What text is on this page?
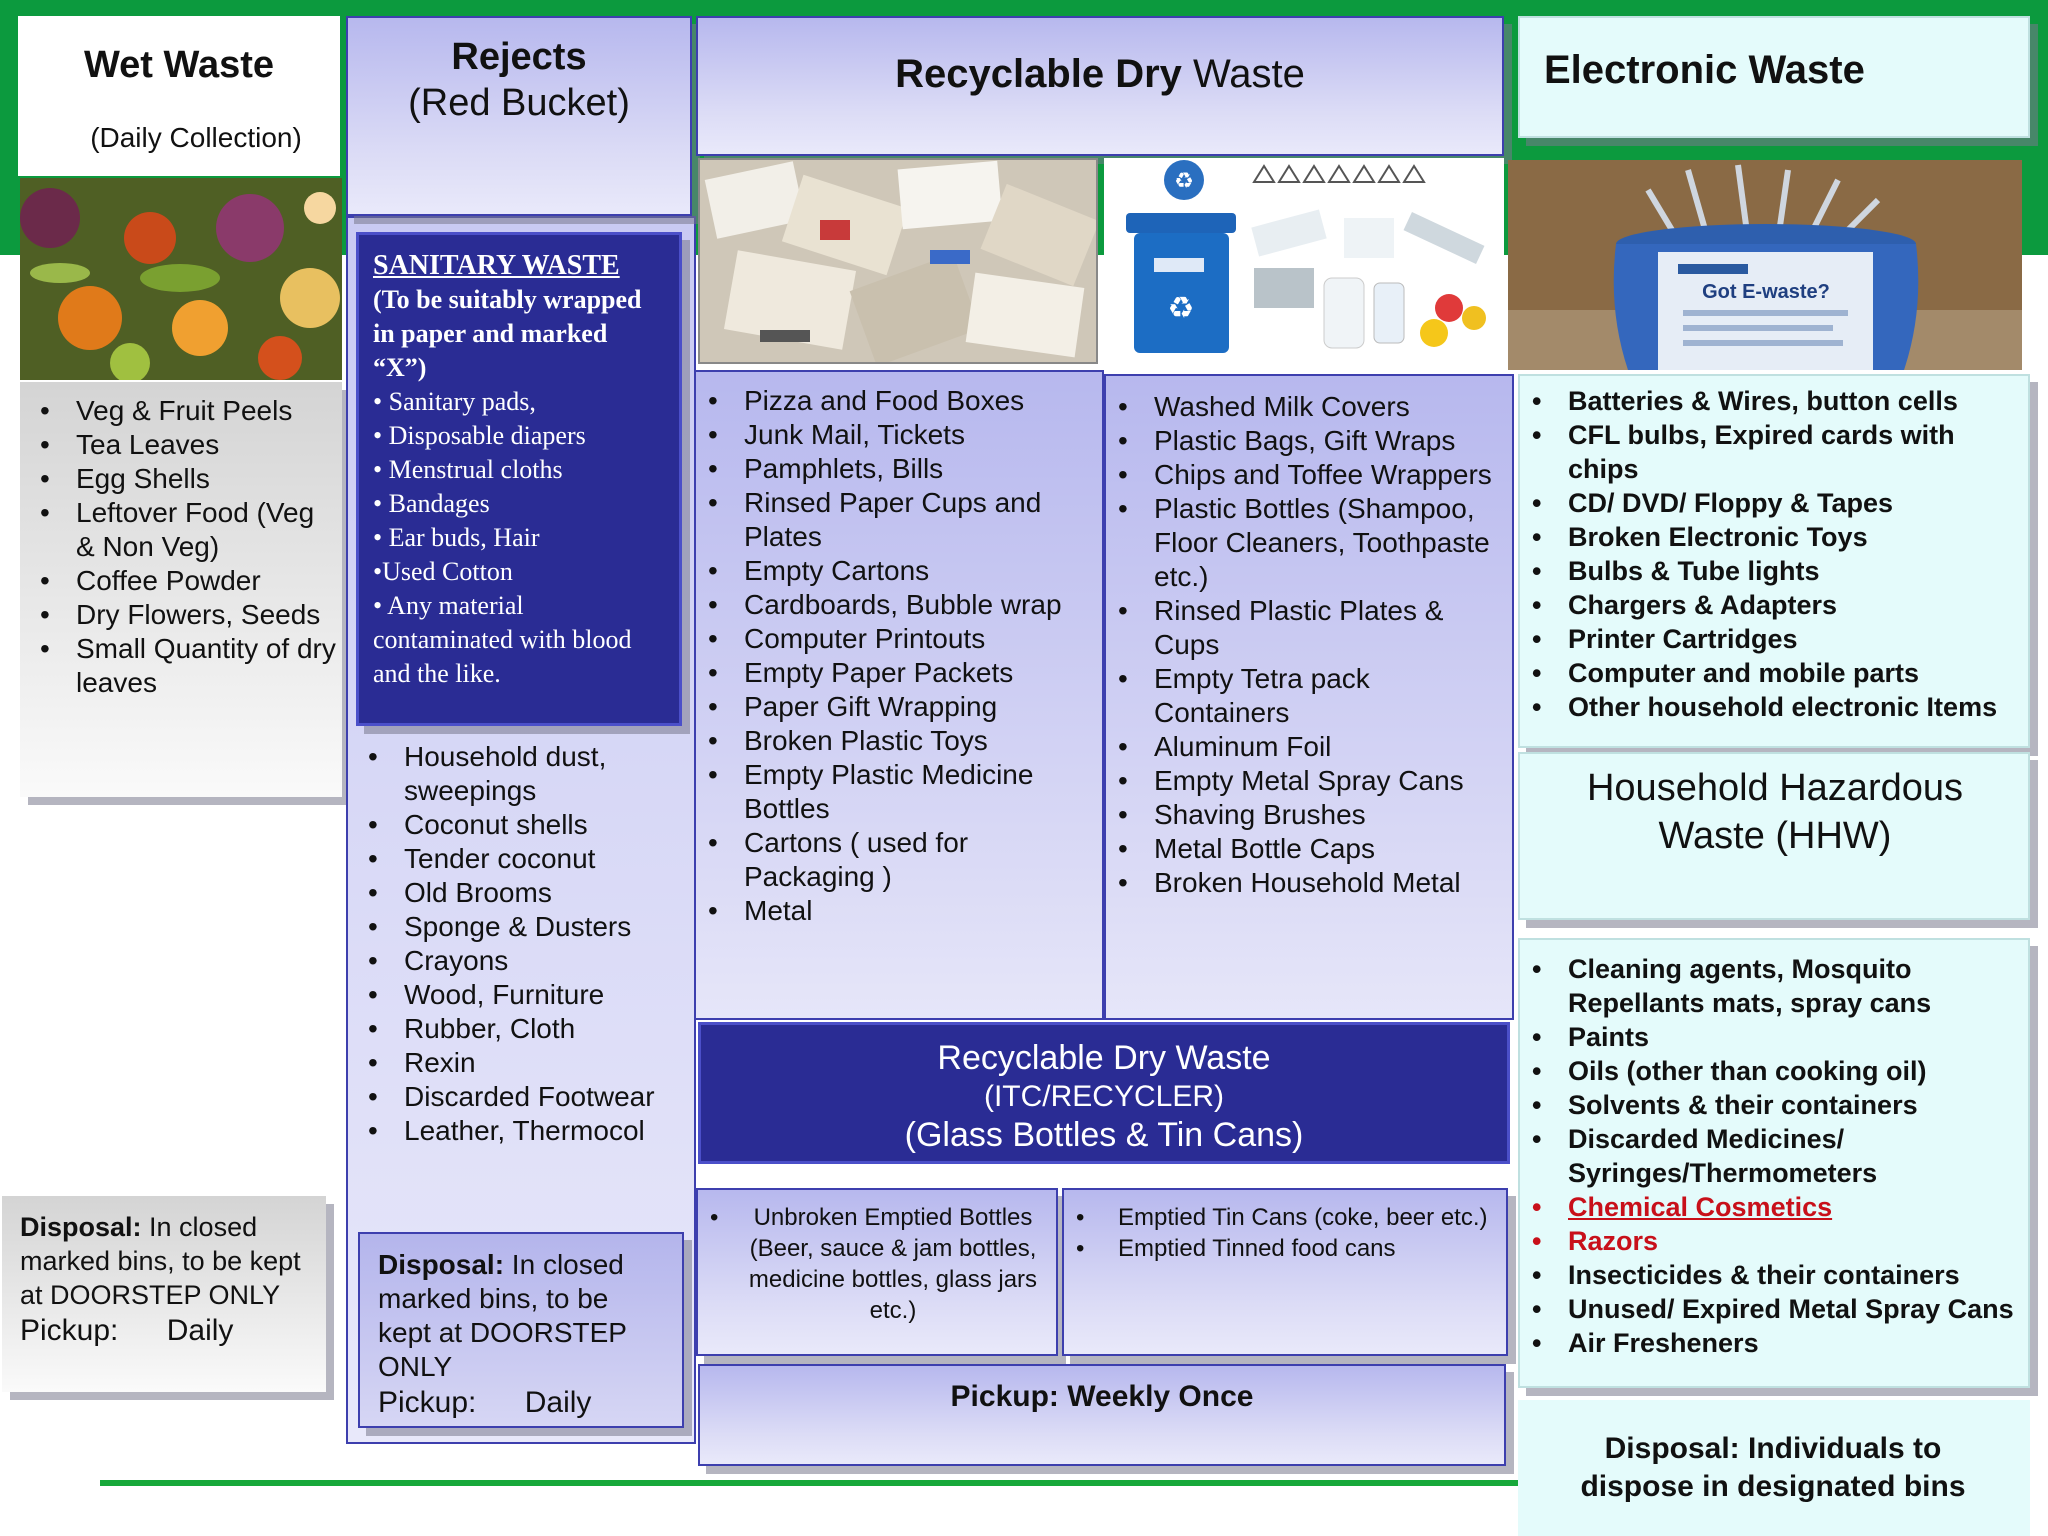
Wet Waste
(Daily Collection)
• Veg & Fruit Peels
• Tea Leaves
• Egg Shells
• Leftover Food (Veg & Non Veg)
• Coffee Powder
• Dry Flowers, Seeds
• Small Quantity of dry leaves
Disposal: In closed marked bins, to be kept at DOORSTEP ONLY
Pickup: Daily
Rejects
(Red Bucket)
SANITARY WASTE
(To be suitably wrapped in paper and marked “X”)
• Sanitary pads,
• Disposable diapers
• Menstrual cloths
• Bandages
• Ear buds, Hair
•Used Cotton
• Any material contaminated with blood and the like.
• Household dust, sweepings
• Coconut shells
• Tender coconut
• Old Brooms
• Sponge & Dusters
• Crayons
• Wood, Furniture
• Rubber, Cloth
• Rexin
• Discarded Footwear
• Leather, Thermocol
Disposal: In closed marked bins, to be kept at DOORSTEP ONLY
Pickup: Daily
Recyclable Dry Waste
♻
♻
• Pizza and Food Boxes
• Junk Mail, Tickets
• Pamphlets, Bills
• Rinsed Paper Cups and Plates
• Empty Cartons
• Cardboards, Bubble wrap
• Computer Printouts
• Empty Paper Packets
• Paper Gift Wrapping
• Broken Plastic Toys
• Empty Plastic Medicine Bottles
• Cartons ( used for Packaging )
• Metal
• Washed Milk Covers
• Plastic Bags, Gift Wraps
• Chips and Toffee Wrappers
• Plastic Bottles (Shampoo, Floor Cleaners, Toothpaste etc.)
• Rinsed Plastic Plates & Cups
• Empty Tetra pack Containers
• Aluminum Foil
• Empty Metal Spray Cans
• Shaving Brushes
• Metal Bottle Caps
• Broken Household Metal
Recyclable Dry Waste
(ITC/RECYCLER)
(Glass Bottles & Tin Cans)
• Unbroken Emptied Bottles (Beer, sauce & jam bottles, medicine bottles, glass jars etc.)
• Emptied Tin Cans (coke, beer etc.)
• Emptied Tinned food cans
Pickup: Weekly Once
Electronic Waste
Got E-waste?
• Batteries & Wires, button cells
• CFL bulbs, Expired cards with chips
• CD/ DVD/ Floppy & Tapes
• Broken Electronic Toys
• Bulbs & Tube lights
• Chargers & Adapters
• Printer Cartridges
• Computer and mobile parts
• Other household electronic Items
Household Hazardous Waste (HHW)
• Cleaning agents, Mosquito Repellants mats, spray cans
• Paints
• Oils (other than cooking oil)
• Solvents & their containers
• Discarded Medicines/ Syringes/Thermometers
• Chemical Cosmetics
• Razors
• Insecticides & their containers
• Unused/ Expired Metal Spray Cans
• Air Fresheners
Disposal: Individuals to dispose in designated bins
